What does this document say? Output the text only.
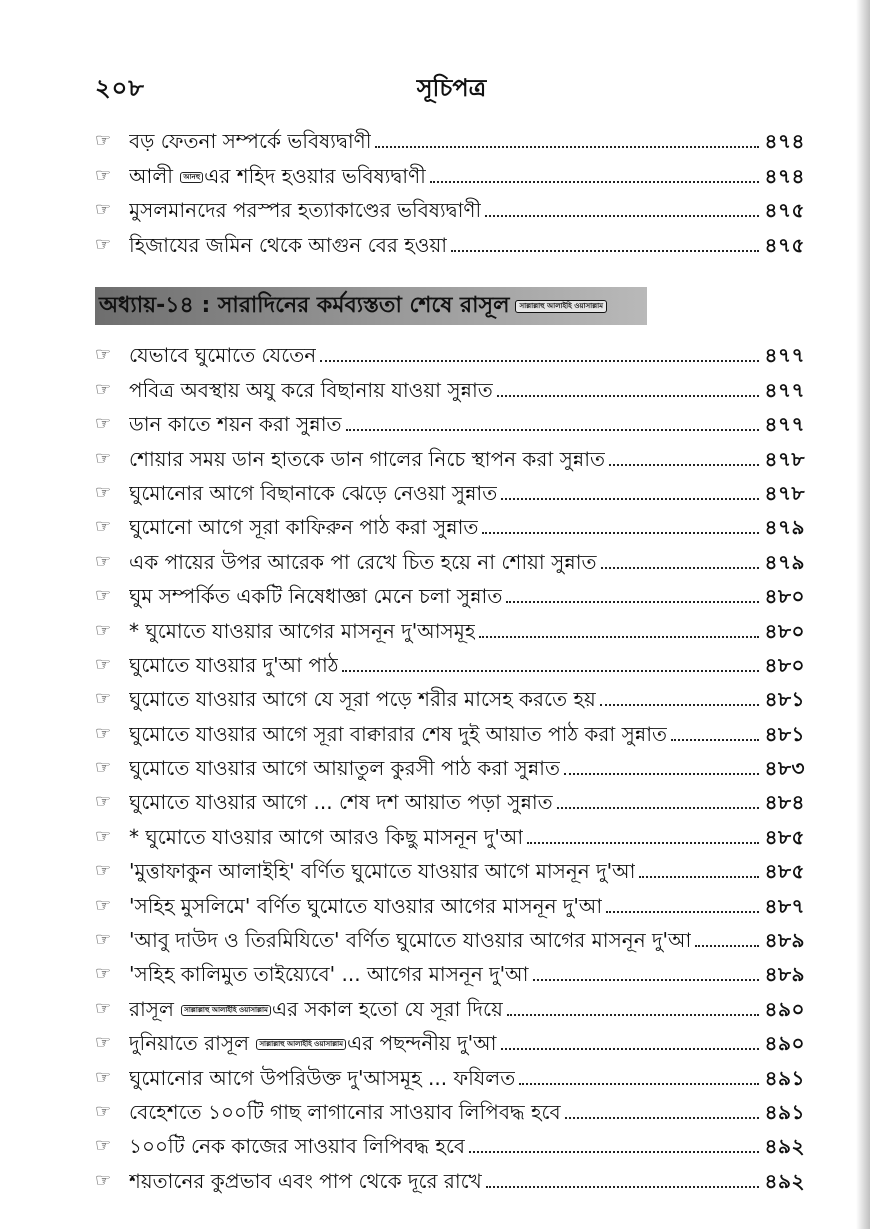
২০৮	সূচিপত্র
☞ বড় ফেতনা সম্পর্কে ভবিষ্যদ্বাণী	৪৭৪
☞ আলী আনহু এর শহিদ হওয়ার ভবিষ্যদ্বাণী	৪৭৪
☞ মুসলমানদের পরস্পর হত্যাকাণ্ডের ভবিষ্যদ্বাণী	৪৭৫
☞ হিজাযের জমিন থেকে আগুন বের হওয়া	৪৭৫
অধ্যায়-১৪ : সারাদিনের কর্মব্যস্ততা শেষে রাসূল	সাল্লাল্লাহু আলাইহি ওয়াসাল্লাম
☞ যেভাবে ঘুমোতে যেতেন	৪৭৭
☞ পবিত্র অবস্থায় অযু করে বিছানায় যাওয়া সুন্নাত	৪৭৭
☞ ডান কাতে শয়ন করা সুন্নাত	৪৭৭
☞ শোয়ার সময় ডান হাতকে ডান গালের নিচে স্থাপন করা সুন্নাত	৪৭৮
☞ ঘুমোনোর আগে বিছানাকে ঝেড়ে নেওয়া সুন্নাত	৪৭৮
☞ ঘুমোনো আগে সূরা কাফিরুন পাঠ করা সুন্নাত	৪৭৯
☞ এক পায়ের উপর আরেক পা রেখে চিত হয়ে না শোয়া সুন্নাত	৪৭৯
☞ ঘুম সম্পর্কিত একটি নিষেধাজ্ঞা মেনে চলা সুন্নাত	৪৮০
☞ * ঘুমোতে যাওয়ার আগের মাসনূন দু'আসমূহ	৪৮০
☞ ঘুমোতে যাওয়ার দু'আ পাঠ	৪৮০
☞ ঘুমোতে যাওয়ার আগে যে সূরা পড়ে শরীর মাসেহ করতে হয়	৪৮১
☞ ঘুমোতে যাওয়ার আগে সূরা বাক্বারার শেষ দুই আয়াত পাঠ করা সুন্নাত	৪৮১
☞ ঘুমোতে যাওয়ার আগে আয়াতুল কুরসী পাঠ করা সুন্নাত	৪৮৩
☞ ঘুমোতে যাওয়ার আগে ... শেষ দশ আয়াত পড়া সুন্নাত	৪৮৪
☞ * ঘুমোতে যাওয়ার আগে আরও কিছু মাসনূন দু'আ	৪৮৫
☞ 'মুত্তাফাকুন আলাইহি' বর্ণিত ঘুমোতে যাওয়ার আগে মাসনূন দু'আ	৪৮৫
☞ 'সহিহ মুসলিমে' বর্ণিত ঘুমোতে যাওয়ার আগের মাসনূন দু'আ	৪৮৭
☞ 'আবু দাউদ ও তিরমিযিতে' বর্ণিত ঘুমোতে যাওয়ার আগের মাসনূন দু'আ	৪৮৯
☞ 'সহিহ কালিমুত তাইয়্যেবে' ... আগের মাসনূন দু'আ	৪৮৯
☞ রাসূল সাল্লাল্লাহু আলাইহি ওয়াসাল্লাম এর সকাল হতো যে সূরা দিয়ে	৪৯০
☞ দুনিয়াতে রাসূল সাল্লাল্লাহু আলাইহি ওয়াসাল্লাম এর পছন্দনীয় দু'আ	৪৯০
☞ ঘুমোনোর আগে উপরিউক্ত দু'আসমূহ ... ফযিলত	৪৯১
☞ বেহেশতে ১০০টি গাছ লাগানোর সাওয়াব লিপিবদ্ধ হবে	৪৯১
☞ ১০০টি নেক কাজের সাওয়াব লিপিবদ্ধ হবে	৪৯২
☞ শয়তানের কুপ্রভাব এবং পাপ থেকে দূরে রাখে	৪৯২
